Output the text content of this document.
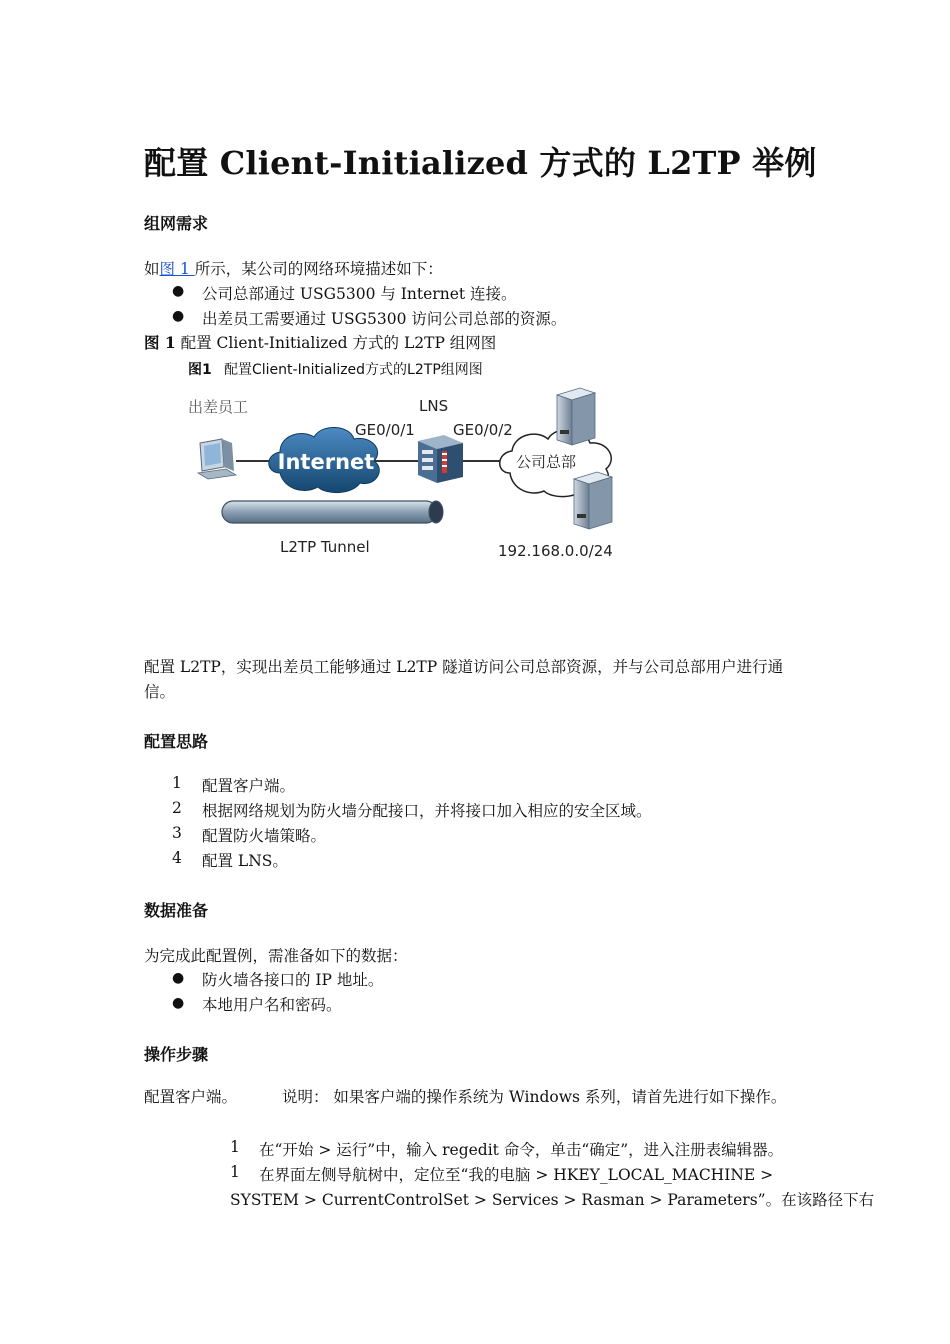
配置 Client-Initialized 方式的 L2TP 举例
组网需求
如图 1 所示，某公司的网络环境描述如下：
● 公司总部通过 USG5300 与 Internet 连接。
● 出差员工需要通过 USG5300 访问公司总部的资源。
图 1 配置 Client-Initialized 方式的 L2TP 组网图
图1 配置Client-Initialized方式的L2TP组网图
出差员工	LNS
GE0/0/1	GE0/0/2
Internet	公司总部
L2TP Tunnel	192.168.0.0/24
配置 L2TP，实现出差员工能够通过 L2TP 隧道访问公司总部资源，并与公司总部用户进行通
信。
配置思路
1 配置客户端。
2 根据网络规划为防火墙分配接口，并将接口加入相应的安全区域。
3 配置防火墙策略。
4 配置 LNS。
数据准备
为完成此配置例，需准备如下的数据：
● 防火墙各接口的 IP 地址。
● 本地用户名和密码。
操作步骤
配置客户端。	说明： 如果客户端的操作系统为 Windows 系列，请首先进行如下操作。
1 在“开始 > 运行”中，输入 regedit 命令，单击“确定”，进入注册表编辑器。
1 在界面左侧导航树中，定位至“我的电脑 > HKEY_LOCAL_MACHINE >
SYSTEM > CurrentControlSet > Services > Rasman > Parameters”。在该路径下右
